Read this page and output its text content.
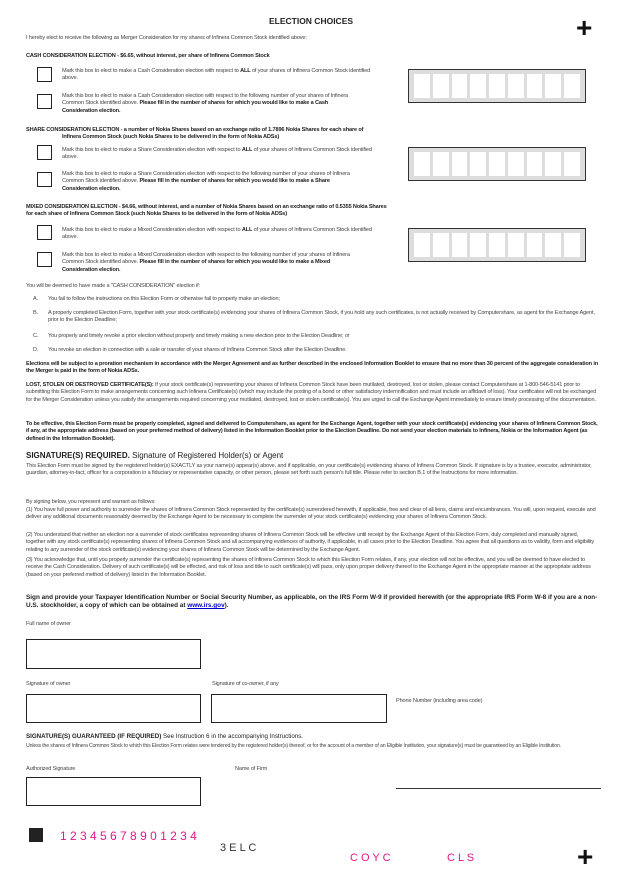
+
ELECTION CHOICES
I hereby elect to receive the following as Merger Consideration for my shares of Infinera Common Stock identified above:
CASH CONSIDERATION ELECTION - $6.65, without interest, per share of Infinera Common Stock
Mark this box to elect to make a Cash Consideration election with respect to ALL of your shares of Infinera Common Stock identified above.
Mark this box to elect to make a Cash Consideration election with respect to the following number of your shares of Infinera Common Stock identified above. Please fill in the number of shares for which you would like to make a Cash Consideration election.
SHARE CONSIDERATION ELECTION - a number of Nokia Shares based on an exchange ratio of 1.7896 Nokia Shares for each share of
Infinera Common Stock (such Nokia Shares to be delivered in the form of Nokia ADSs)
Mark this box to elect to make a Share Consideration election with respect to ALL of your shares of Infinera Common Stock identified above.
Mark this box to elect to make a Share Consideration election with respect to the following number of your shares of Infinera Common Stock identified above. Please fill in the number of shares for which you would like to make a Share Consideration election.
MIXED CONSIDERATION ELECTION - $4.66, without interest, and a number of Nokia Shares based on an exchange ratio of 0.5355 Nokia Shares for each share of Infinera Common Stock (such Nokia Shares to be delivered in the form of Nokia ADSs)
Mark this box to elect to make a Mixed Consideration election with respect to ALL of your shares of Infinera Common Stock identified above.
Mark this box to elect to make a Mixed Consideration election with respect to the following number of your shares of Infinera Common Stock identified above. Please fill in the number of shares for which you would like to make a Mixed Consideration election.
You will be deemed to have made a "CASH CONSIDERATION" election if:
A. You fail to follow the instructions on this Election Form or otherwise fail to properly make an election;
B. A properly completed Election Form, together with your stock certificate(s) evidencing your shares of Infinera Common Stock, if you hold any such certificates, is not actually received by Computershare, as agent for the Exchange Agent, prior to the Election Deadline;
C. You properly and timely revoke a prior election without properly and timely making a new election prior to the Election Deadline; or
D. You revoke an election in connection with a sale or transfer of your shares of Infinera Common Stock after the Election Deadline.
Elections will be subject to a proration mechanism in accordance with the Merger Agreement and as further described in the enclosed Information Booklet to ensure that no more than 30 percent of the aggregate consideration in the Merger is paid in the form of Nokia ADSs.
LOST, STOLEN OR DESTROYED CERTIFICATE(S): If your stock certificate(s) representing your shares of Infinera Common Stock have been mutilated, destroyed, lost or stolen, please contact Computershare at 1-800-546-5141 prior to submitting this Election Form to make arrangements concerning such Infinera Certificate(s) (which may include the posting of a bond or other satisfactory indemnification and must include an affidavit of loss). Your certificates will not be exchanged for the Merger Consideration unless you satisfy the arrangements required concerning your mutilated, destroyed, lost or stolen certificate(s). You are urged to call the Exchange Agent immediately to ensure timely processing of the documentation.
To be effective, this Election Form must be properly completed, signed and delivered to Computershare, as agent for the Exchange Agent, together with your stock certificate(s) evidencing your shares of Infinera Common Stock, if any, at the appropriate address (based on your preferred method of delivery) listed in the Information Booklet prior to the Election Deadline. Do not send your election materials to Infinera, Nokia or the Information Agent (as defined in the Information Booklet).
SIGNATURE(S) REQUIRED. Signature of Registered Holder(s) or Agent
This Election Form must be signed by the registered holder(s) EXACTLY as your name(s) appear(s) above, and if applicable, on your certificate(s) evidencing shares of Infinera Common Stock. If signature is by a trustee, executor, administrator, guardian, attorney-in-fact, officer for a corporation in a fiduciary or representative capacity, or other person, please set forth such person's full title. Please refer to section B.1 of the Instructions for more information.
By signing below, you represent and warrant as follows:
(1) You have full power and authority to surrender the shares of Infinera Common Stock represented by the certificate(s) surrendered herewith, if applicable, free and clear of all liens, claims and encumbrances. You will, upon request, execute and deliver any additional documents reasonably deemed by the Exchange Agent to be necessary to complete the surrender of your stock certificate(s) evidencing your shares of Infinera Common Stock.
(2) You understand that neither an election nor a surrender of stock certificates representing shares of Infinera Common Stock will be effective until receipt by the Exchange Agent of this Election Form, duly completed and manually signed, together with any stock certificate(s) representing shares of Infinera Common Stock and all accompanying evidences of authority, if applicable, in all cases prior to the Election Deadline. You agree that all questions as to validity, form and eligibility relating to any surrender of the stock certificate(s) evidencing your shares of Infinera Common Stock will be determined by the Exchange Agent.
(3) You acknowledge that, until you properly surrender the certificate(s) representing the shares of Infinera Common Stock to which this Election Form relates, if any, your election will not be effective, and you will be deemed to have elected to receive the Cash Consideration. Delivery of such certificate(s) will be effected, and risk of loss and title to such certificate(s) will pass, only upon proper delivery thereof to the Exchange Agent in the appropriate manner at the appropriate address (based on your preferred method of delivery) listed in the Information Booklet.
Sign and provide your Taxpayer Identification Number or Social Security Number, as applicable, on the IRS Form W-9 if provided herewith (or the appropriate IRS Form W-8 if you are a non-U.S. stockholder, a copy of which can be obtained at www.irs.gov).
Full name of owner
Signature of owner	Signature of co-owner, if any
Phone Number (including area code)
SIGNATURE(S) GUARANTEED (IF REQUIRED) See Instruction 6 in the accompanying Instructions.
Unless the shares of Infinera Common Stock to which this Election Form relates were tendered by the registered holder(s) thereof, or for the account of a member of an Eligible Institution, your signature(s) must be guaranteed by an Eligible Institution.
Authorized Signature	Name of Firm
1 2 3 4 5 6 7 8 9 0 1 2 3 4
3 E L C
C O Y C	C L S	+
